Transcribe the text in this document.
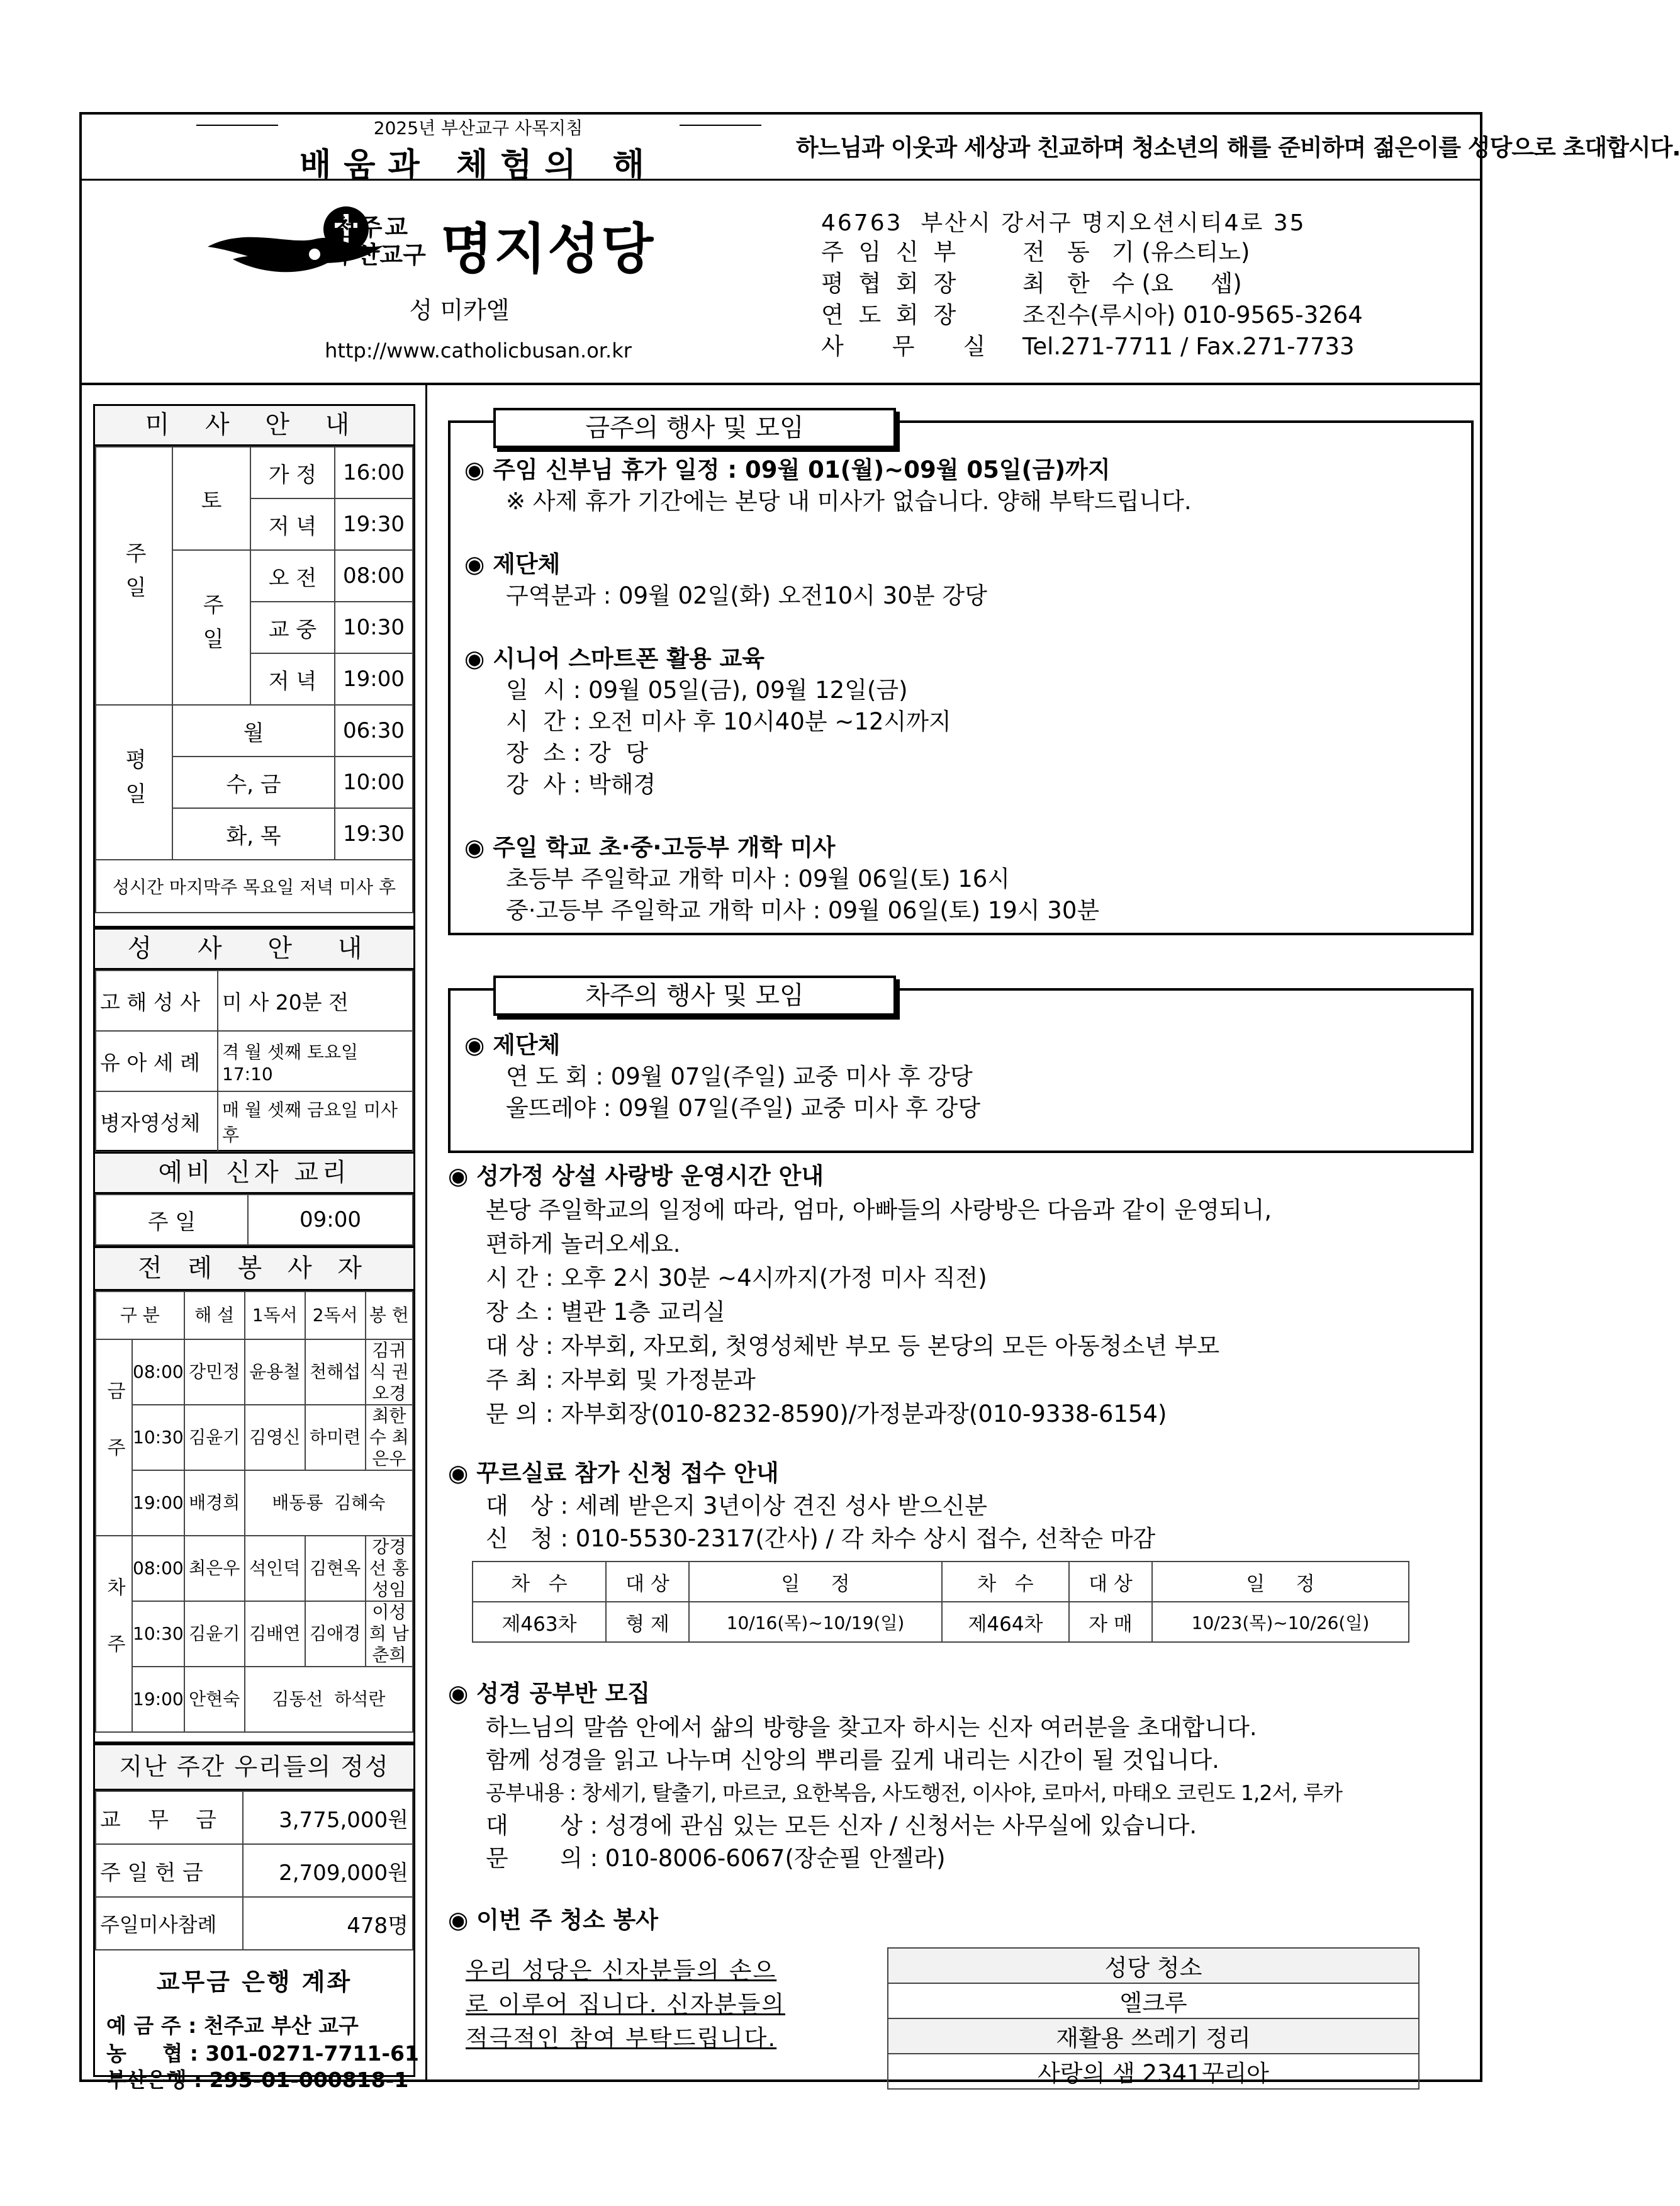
2025년 부산교구 사목지침
배움과 체험의 해	하느님과 이웃과 세상과 친교하며 청소년의 해를 준비하며 젊은이를 성당으로 초대합시다.
천주교
부산교구 명지성당
성 미카엘
http://www.catholicbusan.or.kr
46763  부산시 강서구 명지오션시티4로 35
주 임 신 부	전   동   기 (유스티노)
평 협 회 장	최   한   수 (요     셉)
연 도 회 장	조진수(루시아) 010-9565-3264
사    무    실 Tel.271-7711 / Fax.271-7733
미 사 안 내
주일	토	가 정	16:00
		저 녁	19:30
	주일	오 전	08:00
		교 중	10:30
		저 녁	19:00
평일	월		06:30
	수, 금		10:00
	화, 목		19:30
성시간 마지막주 목요일 저녁 미사 후			
성 사 안 내
고 해 성 사	미 사 20분 전
유 아 세 례	격 월 셋째 토요일 17:10
병자영성체	매 월 셋째 금요일 미사후
예비 신자 교리
주 일	09:00
전 례 봉 사 자
구 분		해 설	1독서	2독서	봉 헌
금주	08:00	강민정	윤용철	천해섭	김귀식 권오경
	10:30	김윤기	김영신	하미련	최한수 최은우
	19:00	배경희	배동룡  김혜숙		
차주	08:00	최은우	석인덕	김현옥	강경선 홍성임
	10:30	김윤기	김배연	김애경	이성희 남춘희
	19:00	안현숙	김동선  하석란		
지난 주간 우리들의 정성
교    무    금	3,775,000원
주 일 헌 금	2,709,000원
주일미사참례	478명
교무금 은행 계좌
예 금 주 : 천주교 부산 교구
농     협 : 301-0271-7711-61
부산은행 : 295-01-000818-1
금주의 행사 및 모임
◉ 주임 신부님 휴가 일정 : 09월 01(월)~09월 05일(금)까지
※ 사제 휴가 기간에는 본당 내 미사가 없습니다. 양해 부탁드립니다.
◉ 제단체
구역분과 : 09월 02일(화) 오전10시 30분 강당
◉ 시니어 스마트폰 활용 교육
일  시 : 09월 05일(금), 09월 12일(금)
시  간 : 오전 미사 후 10시40분 ~12시까지
장  소 : 강  당
강  사 : 박해경
◉ 주일 학교 초·중·고등부 개학 미사
초등부 주일학교 개학 미사 : 09월 06일(토) 16시
중·고등부 주일학교 개학 미사 : 09월 06일(토) 19시 30분
차주의 행사 및 모임
◉ 제단체
연 도 회 : 09월 07일(주일) 교중 미사 후 강당
울뜨레야 : 09월 07일(주일) 교중 미사 후 강당
◉ 성가정 상설 사랑방 운영시간 안내
본당 주일학교의 일정에 따라, 엄마, 아빠들의 사랑방은 다음과 같이 운영되니,
편하게 놀러오세요.
시 간 : 오후 2시 30분 ~4시까지(가정 미사 직전)
장 소 : 별관 1층 교리실
대 상 : 자부회, 자모회, 첫영성체반 부모 등 본당의 모든 아동청소년 부모
주 최 : 자부회 및 가정분과
문 의 : 자부회장(010-8232-8590)/가정분과장(010-9338-6154)
◉ 꾸르실료 참가 신청 접수 안내
대   상 : 세례 받은지 3년이상 견진 성사 받으신분
신   청 : 010-5530-2317(간사) / 각 차수 상시 접수, 선착순 마감
차   수	대 상	일     정	차   수	대 상	일     정
제463차	형 제	10/16(목)~10/19(일)	제464차	자 매	10/23(목)~10/26(일)
◉ 성경 공부반 모집
하느님의 말씀 안에서 삶의 방향을 찾고자 하시는 신자 여러분을 초대합니다.
함께 성경을 읽고 나누며 신앙의 뿌리를 깊게 내리는 시간이 될 것입니다.
공부내용 : 창세기, 탈출기, 마르코, 요한복음, 사도행전, 이사야, 로마서, 마태오 코린도 1,2서, 루카
대       상 : 성경에 관심 있는 모든 신자 / 신청서는 사무실에 있습니다.
문       의 : 010-8006-6067(장순필 안젤라)
◉ 이번 주 청소 봉사
우리 성당은 신자분들의 손으
로 이루어 집니다. 신자분들의
적극적인 참여 부탁드립니다.
성당 청소
엘크루
재활용 쓰레기 정리
사랑의 샘 2341꾸리아
